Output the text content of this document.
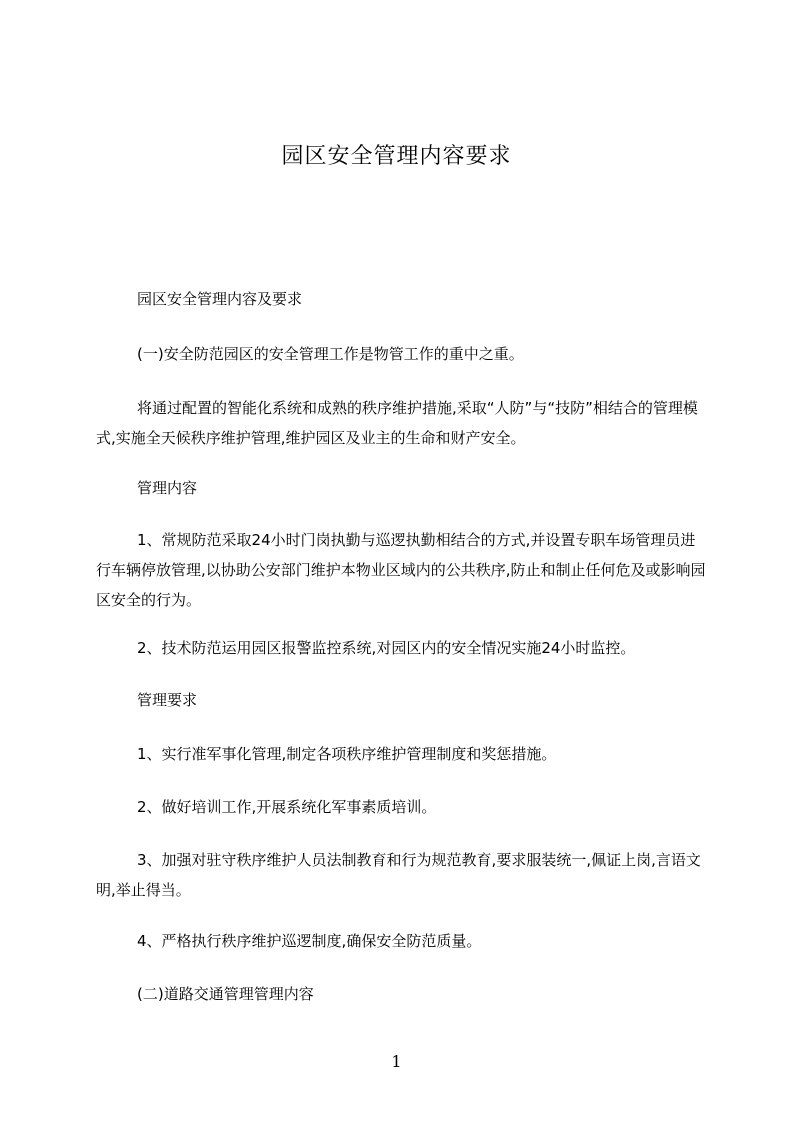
园区安全管理内容要求

园区安全管理内容及要求

(一)安全防范园区的安全管理工作是物管工作的重中之重。

将通过配置的智能化系统和成熟的秩序维护措施,采取“人防”与“技防”相结合的管理模式,实施全天候秩序维护管理,维护园区及业主的生命和财产安全。

管理内容

1、常规防范采取24小时门岗执勤与巡逻执勤相结合的方式,并设置专职车场管理员进行车辆停放管理,以协助公安部门维护本物业区域内的公共秩序,防止和制止任何危及或影响园区安全的行为。

2、技术防范运用园区报警监控系统,对园区内的安全情况实施24小时监控。

管理要求

1、实行准军事化管理,制定各项秩序维护管理制度和奖惩措施。

2、做好培训工作,开展系统化军事素质培训。

3、加强对驻守秩序维护人员法制教育和行为规范教育,要求服装统一,佩证上岗,言语文明,举止得当。

4、严格执行秩序维护巡逻制度,确保安全防范质量。

(二)道路交通管理管理内容

1
